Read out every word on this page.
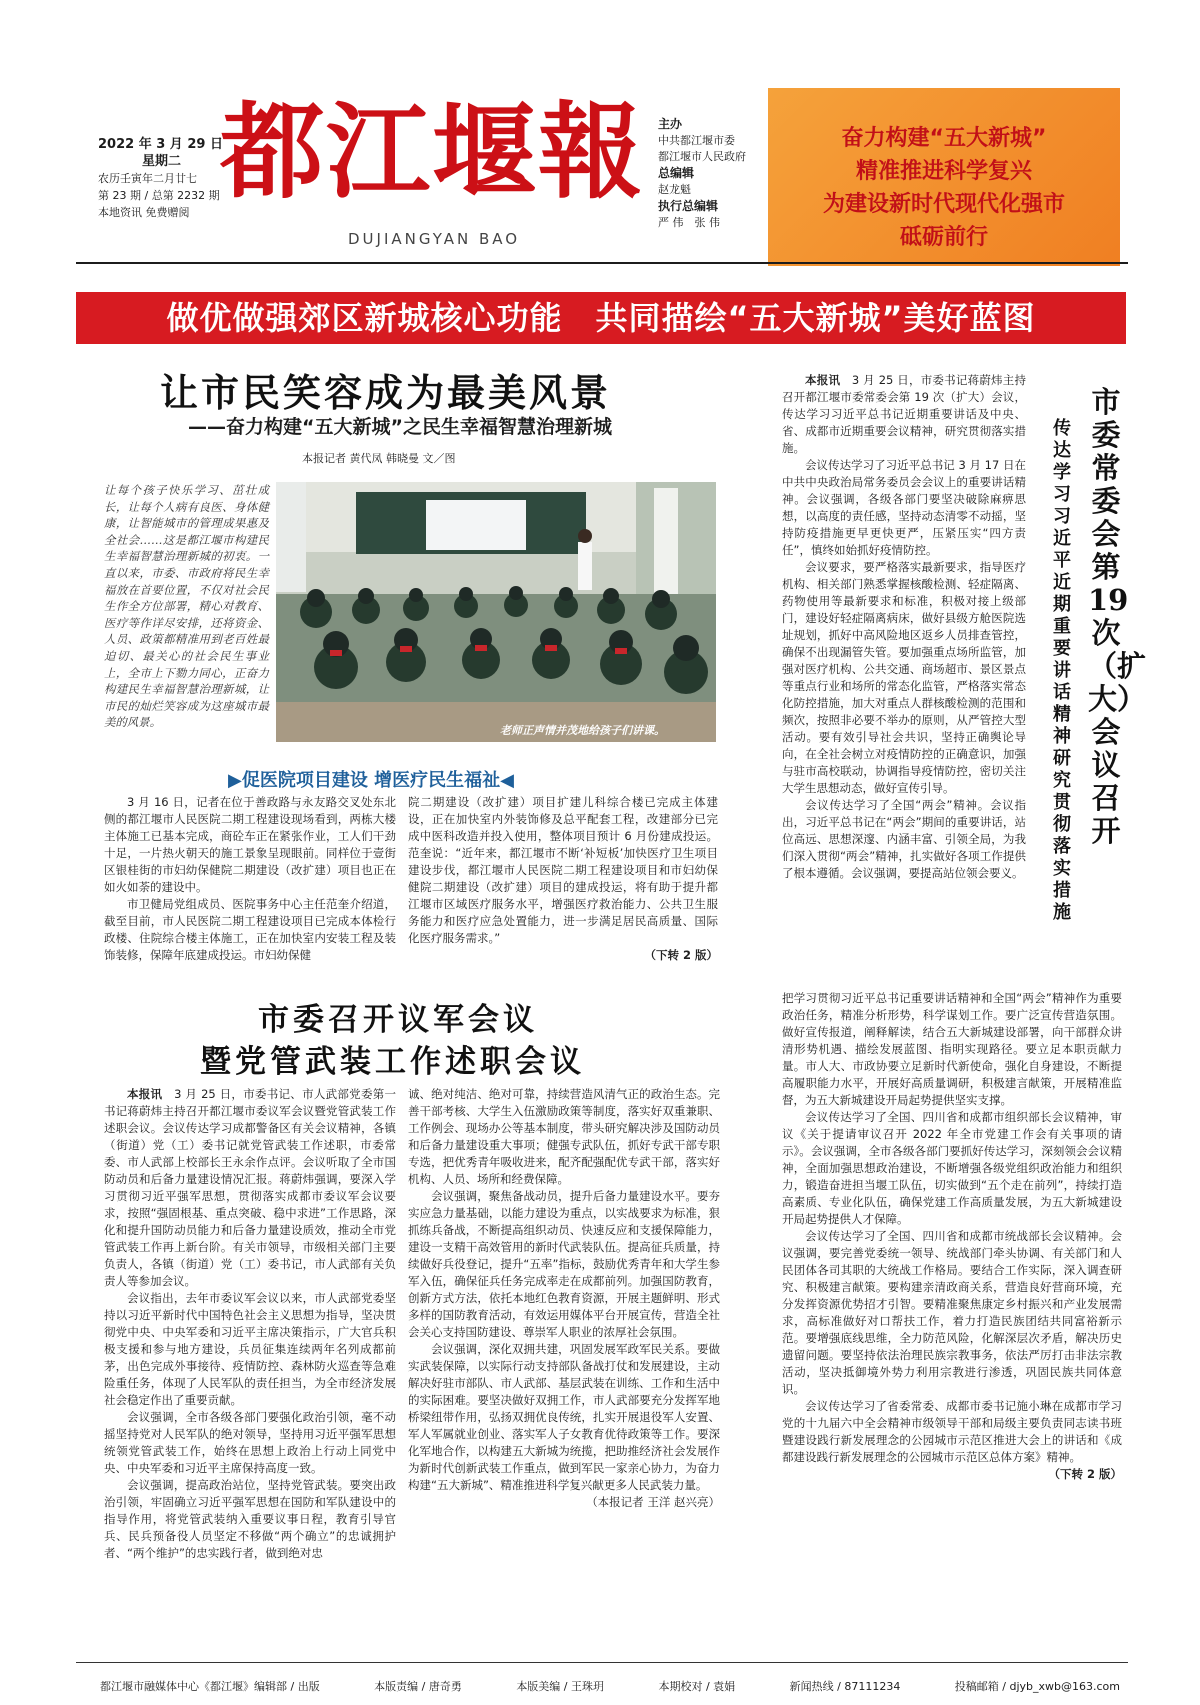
2022 年 3 月 29 日
星期二
农历壬寅年二月廿七
第 23 期 / 总第 2232 期
本地资讯 免费赠阅 都江堰報
DUJIANGYAN BAO
主办
中共都江堰市委
都江堰市人民政府
总编辑
赵龙魁
执行总编辑
严 伟　张 伟
奋力构建“五大新城”
精准推进科学复兴
为建设新时代现代化强市
砥砺前行
做优做强郊区新城核心功能　共同描绘“五大新城”美好蓝图
让市民笑容成为最美风景
——奋力构建“五大新城”之民生幸福智慧治理新城
本报记者 黄代凤 韩晓曼 文／图
让每个孩子快乐学习、茁壮成长，让每个人病有良医、身体健康，让智能城市的管理成果惠及全社会……这是都江堰市构建民生幸福智慧治理新城的初衷。一直以来，市委、市政府将民生幸福放在首要位置，不仅对社会民生作全方位部署，精心对教育、医疗等作详尽安排，还将资金、人员、政策都精准用到老百姓最迫切、最关心的社会民生事业上，全市上下勠力同心，正奋力构建民生幸福智慧治理新城，让市民的灿烂笑容成为这座城市最美的风景。
老师正声情并茂地给孩子们讲课。
▶促医院项目建设 增医疗民生福祉◀

3 月 16 日，记者在位于善政路与永友路交叉处东北侧的都江堰市人民医院二期工程建设现场看到，两栋大楼主体施工已基本完成，商砼车正在紧张作业，工人们干劲十足，一片热火朝天的施工景象呈现眼前。同样位于壹街区银桂街的市妇幼保健院二期建设（改扩建）项目也正在如火如荼的建设中。

市卫健局党组成员、医院事务中心主任范奎介绍道，截至目前，市人民医院二期工程建设项目已完成本体检行政楼、住院综合楼主体施工，正在加快室内安装工程及装饰装修，保障年底建成投运。市妇幼保健

院二期建设（改扩建）项目扩建儿科综合楼已完成主体建设，正在加快室内外装饰修及总平配套工程，改建部分已完成中医科改造并投入使用，整体项目预计 6 月份建成投运。范奎说：“近年来，都江堰市不断‘补短板’加快医疗卫生项目建设步伐，都江堰市人民医院二期工程建设项目和市妇幼保健院二期建设（改扩建）项目的建成投运，将有助于提升都江堰市区域医疗服务水平，增强医疗救治能力、公共卫生服务能力和医疗应急处置能力，进一步满足居民高质量、国际化医疗服务需求。”

（下转 2 版）

市委召开议军会议
暨党管武装工作述职会议

本报讯　 3 月 25 日，市委书记、市人武部党委第一书记蒋蔚炜主持召开都江堰市委议军会议暨党管武装工作述职会议。会议传达学习成都警备区有关会议精神，各镇（街道）党（工）委书记就党管武装工作述职，市委常委、市人武部上校部长王永余作点评。会议听取了全市国防动员和后备力量建设情况汇报。蒋蔚炜强调，要深入学习贯彻习近平强军思想，贯彻落实成都市委议军会议要求，按照“强固根基、重点突破、稳中求进”工作思路，深化和提升国防动员能力和后备力量建设质效，推动全市党管武装工作再上新台阶。有关市领导，市级相关部门主要负责人，各镇（街道）党（工）委书记，市人武部有关负责人等参加会议。

会议指出，去年市委议军会议以来，市人武部党委坚持以习近平新时代中国特色社会主义思想为指导，坚决贯彻党中央、中央军委和习近平主席决策指示，广大官兵积极支援和参与地方建设，兵员征集连续两年名列成都前茅，出色完成外事接待、疫情防控、森林防火巡查等急难险重任务，体现了人民军队的责任担当，为全市经济发展社会稳定作出了重要贡献。

会议强调，全市各级各部门要强化政治引领，毫不动摇坚持党对人民军队的绝对领导，坚持用习近平强军思想统领党管武装工作，始终在思想上政治上行动上同党中央、中央军委和习近平主席保持高度一致。

会议强调，提高政治站位，坚持党管武装。要突出政治引领，牢固确立习近平强军思想在国防和军队建设中的指导作用，将党管武装纳入重要议事日程，教育引导官兵、民兵预备役人员坚定不移做“两个确立”的忠诚拥护者、“两个维护”的忠实践行者，做到绝对忠

诚、绝对纯洁、绝对可靠，持续营造风清气正的政治生态。完善干部考核、大学生入伍激励政策等制度，落实好双重兼职、工作例会、现场办公等基本制度，带头研究解决涉及国防动员和后备力量建设重大事项；健强专武队伍，抓好专武干部专职专选，把优秀青年吸收进来，配齐配强配优专武干部，落实好机构、人员、场所和经费保障。

会议强调，聚焦备战动员，提升后备力量建设水平。要夯实应急力量基础，以能力建设为重点，以实战要求为标准，狠抓练兵备战，不断提高组织动员、快速反应和支援保障能力，建设一支精干高效管用的新时代武装队伍。提高征兵质量，持续做好兵役登记，提升“五率”指标，鼓励优秀青年和大学生参军入伍，确保征兵任务完成率走在成都前列。加强国防教育，创新方式方法，依托本地红色教育资源，开展主题鲜明、形式多样的国防教育活动，有效运用媒体平台开展宣传，营造全社会关心支持国防建设、尊崇军人职业的浓厚社会氛围。

会议强调，深化双拥共建，巩固发展军政军民关系。要做实武装保障，以实际行动支持部队备战打仗和发展建设，主动解决好驻市部队、市人武部、基层武装在训练、工作和生活中的实际困难。要坚决做好双拥工作，市人武部要充分发挥军地桥梁纽带作用，弘扬双拥优良传统，扎实开展退役军人安置、军人军属就业创业、落实军人子女教育优待政策等工作。要深化军地合作，以构建五大新城为统揽，把助推经济社会发展作为新时代创新武装工作重点，做到军民一家亲心协力，为奋力构建“五大新城”、精准推进科学复兴献更多人民武装力量。

（本报记者 王洋 赵兴亮）

市委常委会第19次（扩大）会议召开
传达学习习近平近期重要讲话精神 研究贯彻落实措施

本报讯　 3 月 25 日，市委书记蒋蔚炜主持召开都江堰市委常委会第 19 次（扩大）会议，传达学习习近平总书记近期重要讲话及中央、省、成都市近期重要会议精神，研究贯彻落实措施。

会议传达学习了习近平总书记 3 月 17 日在中共中央政治局常务委员会会议上的重要讲话精神。会议强调，各级各部门要坚决破除麻痹思想，以高度的责任感，坚持动态清零不动摇，坚持防疫措施更早更快更严，压紧压实“四方责任”，慎终如始抓好疫情防控。

会议要求，要严格落实最新要求，指导医疗机构、相关部门熟悉掌握核酸检测、轻症隔离、药物使用等最新要求和标准，积极对接上级部门，建设好轻症隔离病床，做好县级方舱医院选址规划，抓好中高风险地区返乡人员排查管控，确保不出现漏管失管。要加强重点场所监管，加强对医疗机构、公共交通、商场超市、景区景点等重点行业和场所的常态化监管，严格落实常态化防控措施，加大对重点人群核酸检测的范围和频次，按照非必要不举办的原则，从严管控大型活动。要有效引导社会共识，坚持正确舆论导向，在全社会树立对疫情防控的正确意识，加强与驻市高校联动，协调指导疫情防控，密切关注大学生思想动态，做好宣传引导。

会议传达学习了全国“两会”精神。会议指出，习近平总书记在“两会”期间的重要讲话，站位高远、思想深邃、内涵丰富、引领全局，为我们深入贯彻“两会”精神，扎实做好各项工作提供了根本遵循。会议强调，要提高站位领会要义。

把学习贯彻习近平总书记重要讲话精神和全国“两会”精神作为重要政治任务，精准分析形势，科学谋划工作。要广泛宣传营造氛围。做好宣传报道，阐释解读，结合五大新城建设部署，向干部群众讲清形势机遇、描绘发展蓝图、指明实现路径。要立足本职贡献力量。市人大、市政协要立足新时代新使命，强化自身建设，不断提高履职能力水平，开展好高质量调研，积极建言献策，开展精准监督，为五大新城建设开局起势提供坚实支撑。

会议传达学习了全国、四川省和成都市组织部长会议精神，审议《关于提请审议召开 2022 年全市党建工作会有关事项的请示》。会议强调，全市各级各部门要抓好传达学习，深刻领会会议精神，全面加强思想政治建设，不断增强各级党组织政治能力和组织力，锻造奋进担当堰工队伍，切实做到“五个走在前列”，持续打造高素质、专业化队伍，确保党建工作高质量发展，为五大新城建设开局起势提供人才保障。

会议传达学习了全国、四川省和成都市统战部长会议精神。会议强调，要完善党委统一领导、统战部门牵头协调、有关部门和人民团体各司其职的大统战工作格局。要结合工作实际，深入调查研究、积极建言献策。要构建亲清政商关系，营造良好营商环境，充分发挥资源优势招才引智。要精准聚焦康定乡村振兴和产业发展需求，高标准做好对口帮扶工作，着力打造民族团结共同富裕新示范。要增强底线思维，全力防范风险，化解深层次矛盾，解决历史遗留问题。要坚持依法治理民族宗教事务，依法严厉打击非法宗教活动，坚决抵御境外势力利用宗教进行渗透，巩固民族共同体意识。

会议传达学习了省委常委、成都市委书记施小琳在成都市学习党的十九届六中全会精神市级领导干部和局级主要负责同志读书班暨建设践行新发展理念的公园城市示范区推进大会上的讲话和《成都建设践行新发展理念的公园城市示范区总体方案》精神。

（下转 2 版）

都江堰市融媒体中心《都江堰》编辑部 / 出版	本版责编 / 唐奇勇	本版美编 / 王珠玥	本期校对 / 袁娟	新闻热线 / 87111234	投稿邮箱 / djyb_xwb@163.com
